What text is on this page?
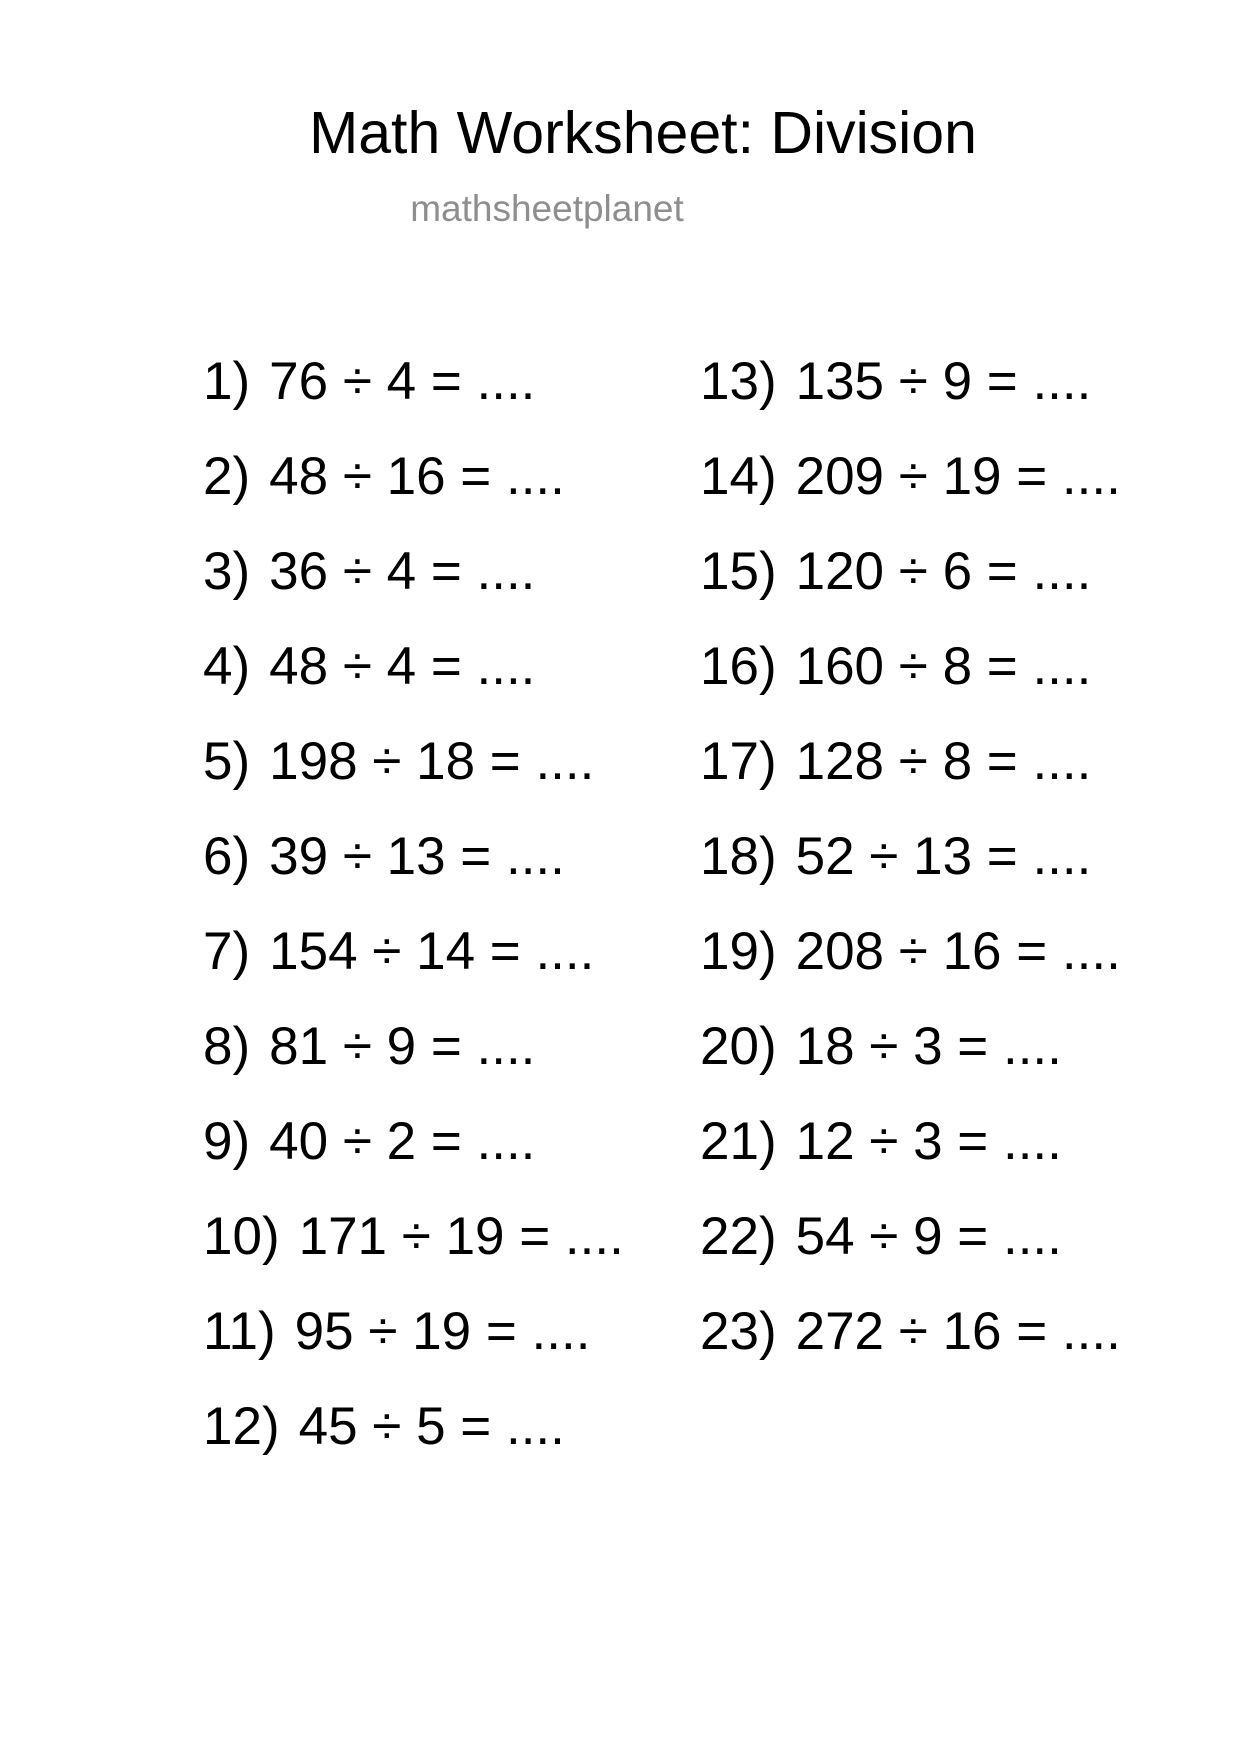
Math Worksheet: Division
mathsheetplanet
1) 76 ÷ 4 = ....
2) 48 ÷ 16 = ....
3) 36 ÷ 4 = ....
4) 48 ÷ 4 = ....
5) 198 ÷ 18 = ....
6) 39 ÷ 13 = ....
7) 154 ÷ 14 = ....
8) 81 ÷ 9 = ....
9) 40 ÷ 2 = ....
10) 171 ÷ 19 = ....
11) 95 ÷ 19 = ....
12) 45 ÷ 5 = ....
13) 135 ÷ 9 = ....
14) 209 ÷ 19 = ....
15) 120 ÷ 6 = ....
16) 160 ÷ 8 = ....
17) 128 ÷ 8 = ....
18) 52 ÷ 13 = ....
19) 208 ÷ 16 = ....
20) 18 ÷ 3 = ....
21) 12 ÷ 3 = ....
22) 54 ÷ 9 = ....
23) 272 ÷ 16 = ....
